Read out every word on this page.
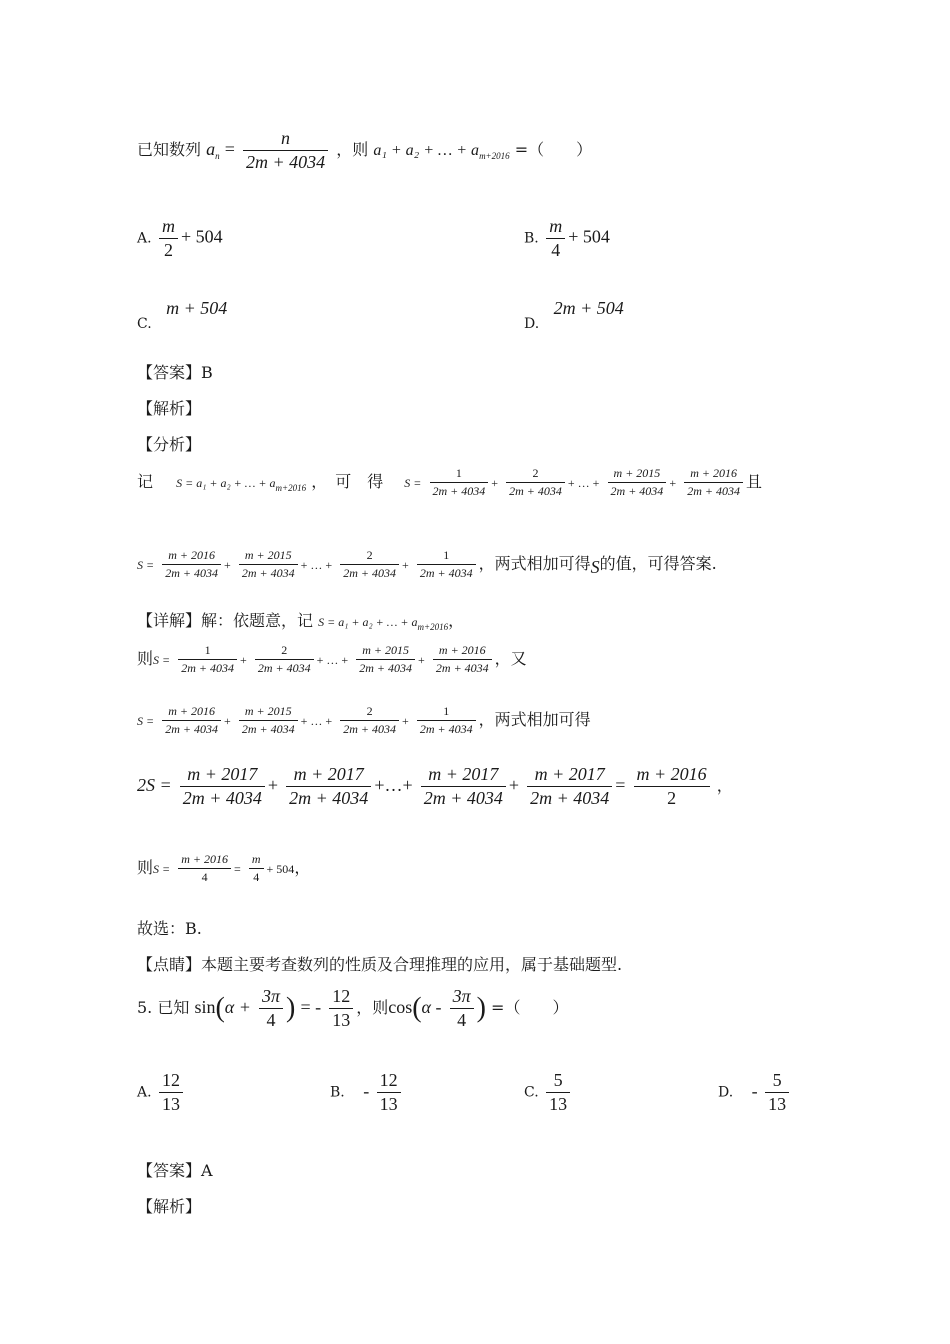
已知数列 $a_n = \frac{n}{2m + 4034}$ ，则 a₁ + a₂ + … + $a_{m+2016}$ =（　　）
A. $\frac{m}{2} + 504$	B. $\frac{m}{4} + 504$
C. m + 504
D. 2m + 504
【答案】B
【解析】
【分析】
记 S = a₁ + a₂ + … + $a_{m+2016}$ ，　可　得 $S = \frac{1}{2m + 4034} + \frac{2}{2m + 4034}$ + … + $\frac{m + 2015}{2m + 4034} + \frac{m + 2016}{2m + 4034}$ 且
$S = \frac{m + 2016}{2m + 4034} + \frac{m + 2015}{2m + 4034}$ + … + $\frac{2}{2m + 4034} + \frac{1}{2m + 4034}$ ，两式相加可得S的值，可得答案.
【详解】解：依题意，记 S = a₁ + a₂ + … + $a_{m+2016}$，
则$S = \frac{1}{2m + 4034} + \frac{2}{2m + 4034}$ + … + $\frac{m + 2015}{2m + 4034} + \frac{m + 2016}{2m + 4034}$ ，又
$S = \frac{m + 2016}{2m + 4034} + \frac{m + 2015}{2m + 4034}$ + … + $\frac{2}{2m + 4034} + \frac{1}{2m + 4034}$ ，两式相加可得
$2S = \frac{m + 2017}{2m + 4034} + \frac{m + 2017}{2m + 4034}$ +…+ $\frac{m + 2017}{2m + 4034} + \frac{m + 2017}{2m + 4034} = \frac{m + 2016}{2}$ ，
则$S = \frac{m + 2016}{4} = \frac{m}{4} + 504$，
故选：B.
【点睛】本题主要考查数列的性质及合理推理的应用，属于基础题型.
5. 已知 $\sin(\alpha + \frac{3\pi}{4}$ ) = - $\frac{12}{13}$ ，则$\cos(\alpha - \frac{3\pi}{4}$ ) =（　　）
A. $\frac{12}{13}$	B. - $\frac{12}{13}$	C. $\frac{5}{13}$	D. - $\frac{5}{13}$
【答案】A
【解析】
